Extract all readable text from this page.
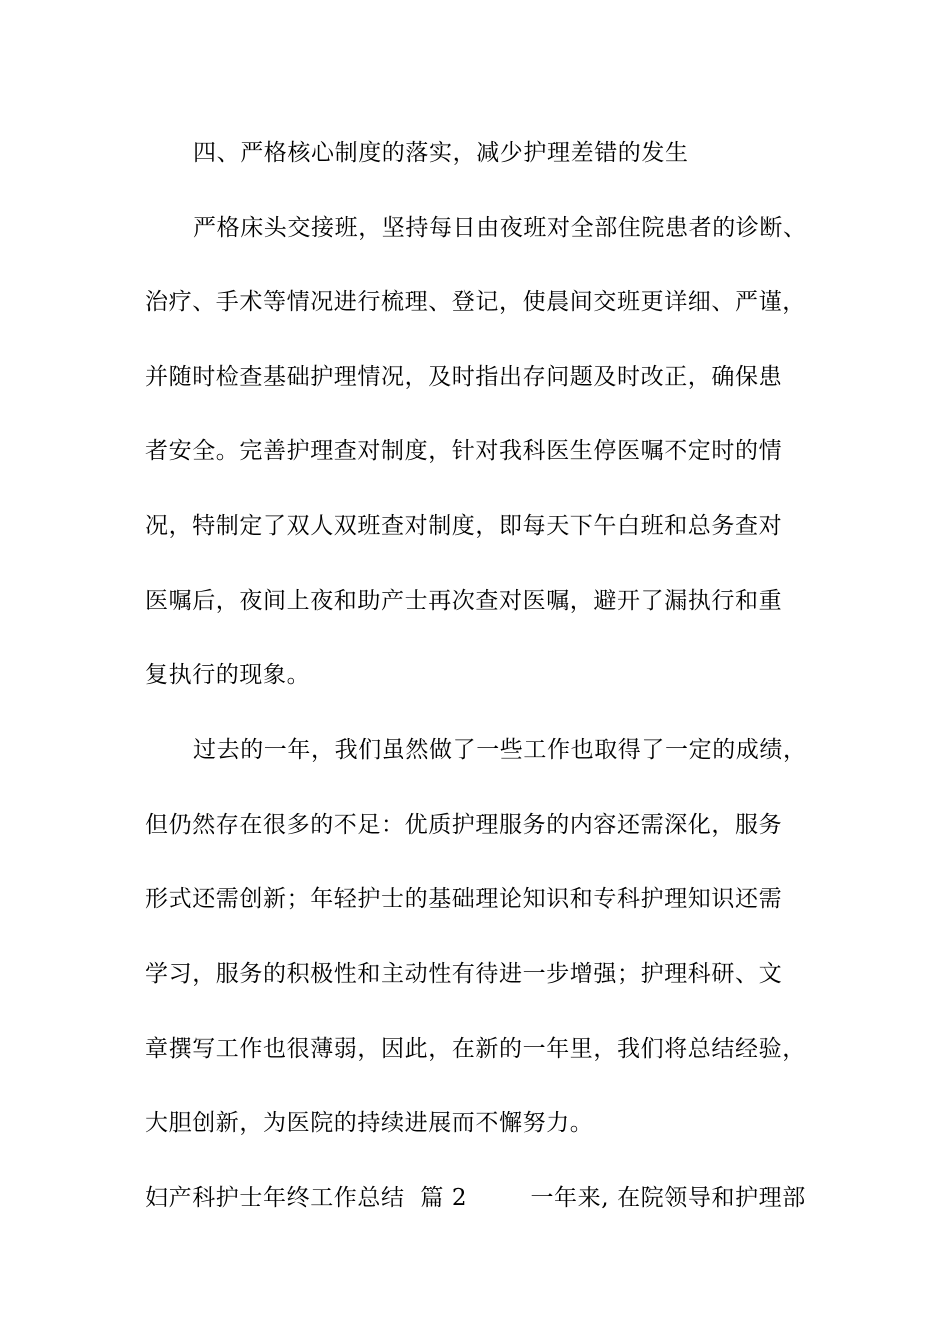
四、严格核心制度的落实，减少护理差错的发生
严格床头交接班，坚持每日由夜班对全部住院患者的诊断、
治疗、手术等情况进行梳理、登记，使晨间交班更详细、严谨，
并随时检查基础护理情况，及时指出存问题及时改正，确保患
者安全。完善护理查对制度，针对我科医生停医嘱不定时的情
况，特制定了双人双班查对制度，即每天下午白班和总务查对
医嘱后，夜间上夜和助产士再次查对医嘱，避开了漏执行和重
复执行的现象。
过去的一年，我们虽然做了一些工作也取得了一定的成绩，
但仍然存在很多的不足：优质护理服务的内容还需深化，服务
形式还需创新；年轻护士的基础理论知识和专科护理知识还需
学习，服务的积极性和主动性有待进一步增强；护理科研、文
章撰写工作也很薄弱，因此，在新的一年里，我们将总结经验，
大胆创新，为医院的持续进展而不懈努力。
妇产科护士年终工作总结  篇 2        一年来, 在院领导和护理部
